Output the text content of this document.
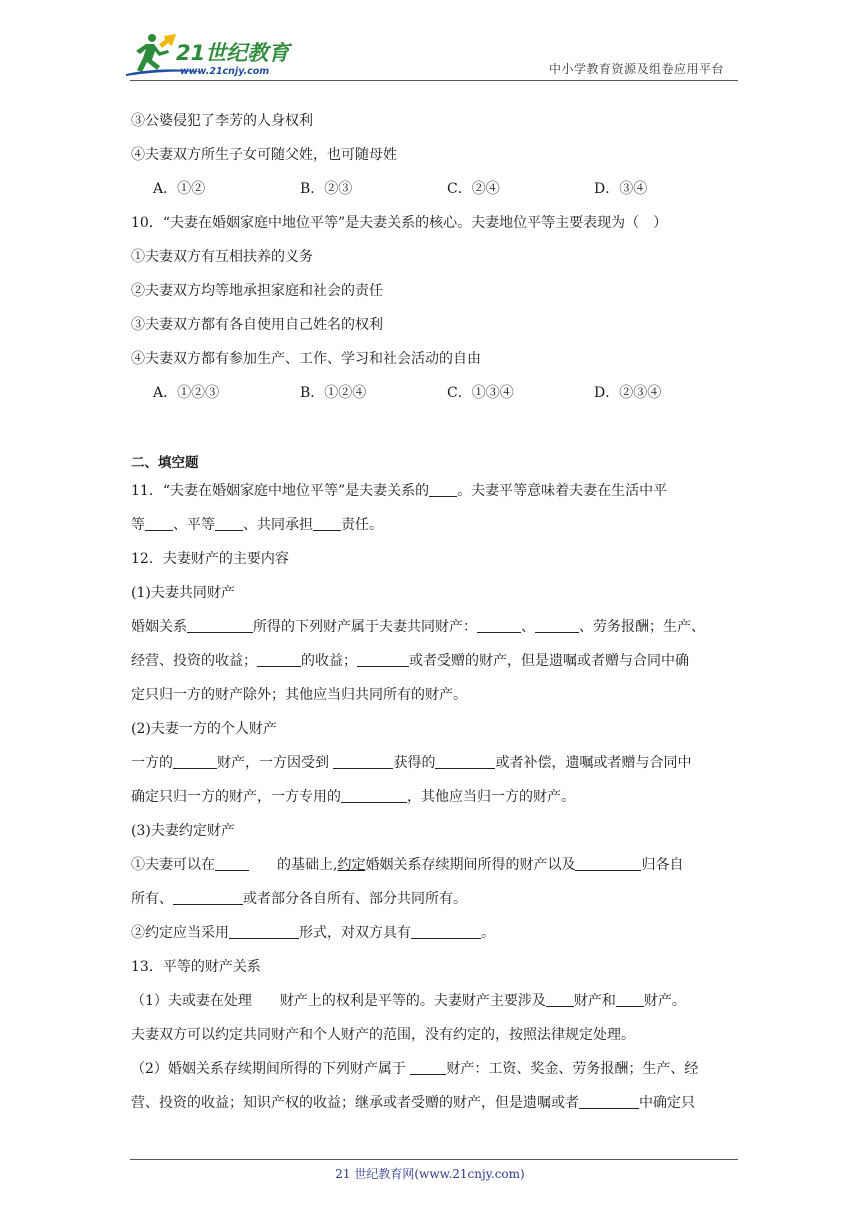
21世纪教育
www.21cnjy.com	中小学教育资源及组卷应用平台
③公婆侵犯了李芳的人身权利
④夫妻双方所生子女可随父姓，也可随母姓
A．①②	B．②③	C．②④	D．③④
10．“夫妻在婚姻家庭中地位平等”是夫妻关系的核心。夫妻地位平等主要表现为（　）
①夫妻双方有互相扶养的义务
②夫妻双方均等地承担家庭和社会的责任
③夫妻双方都有各自使用自己姓名的权利
④夫妻双方都有参加生产、工作、学习和社会活动的自由
A．①②③	B．①②④	C．①③④	D．②③④
二、填空题
11．“夫妻在婚姻家庭中地位平等”是夫妻关系的 。夫妻平等意味着夫妻在生活中平
等 、平等 、共同承担 责任。
12．夫妻财产的主要内容
(1)夫妻共同财产
婚姻关系	所得的下列财产属于夫妻共同财产：	、	、劳务报酬；生产、
经营、投资的收益；	的收益；	或者受赠的财产，但是遗嘱或者赠与合同中确
定只归一方的财产除外；其他应当归共同所有的财产。
(2)夫妻一方的个人财产
一方的	财产，一方因受到	获得的	或者补偿，遗嘱或者赠与合同中
确定只归一方的财产，一方专用的	，其他应当归一方的财产。
(3)夫妻约定财产
①夫妻可以在　　的基础上,约定婚姻关系存续期间所得的财产以及	归各自
所有、	或者部分各自所有、部分共同所有。
②约定应当采用	形式，对双方具有	。
13．平等的财产关系
（1）夫或妻在处理　　财产上的权利是平等的。夫妻财产主要涉及 财产和 财产。
夫妻双方可以约定共同财产和个人财产的范围，没有约定的，按照法律规定处理。
（2）婚姻关系存续期间所得的下列财产属于	财产：工资、奖金、劳务报酬；生产、经
营、投资的收益；知识产权的收益；继承或者受赠的财产，但是遗嘱或者	中确定只
21 世纪教育网(www.21cnjy.com)
